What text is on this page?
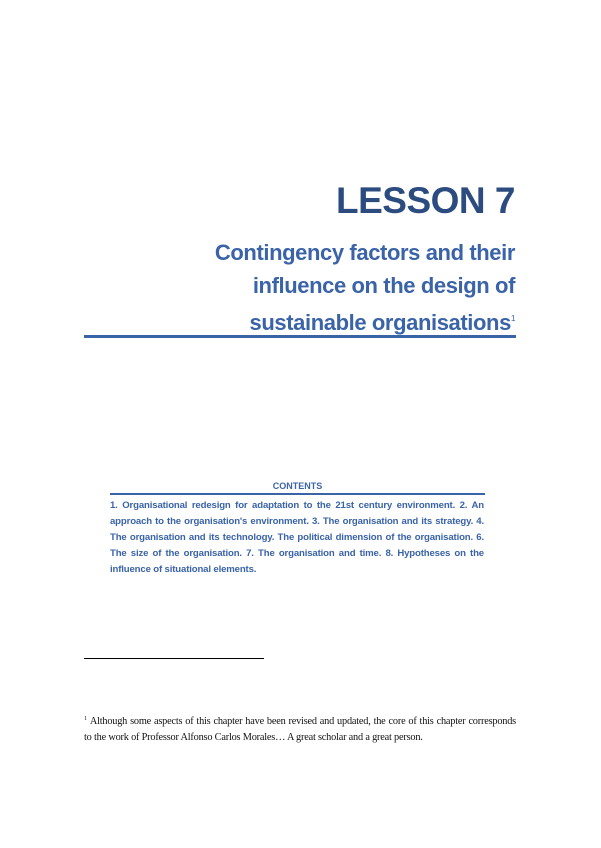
LESSON 7
Contingency factors and their
influence on the design of
sustainable organisations$^1$
CONTENTS
1. Organisational redesign for adaptation to the 21st century environment. 2. An approach to the organisation's environment. 3. The organisation and its strategy. 4. The organisation and its technology. The political dimension of the organisation. 6. The size of the organisation. 7. The organisation and time. 8. Hypotheses on the influence of situational elements.
$^1$ Although some aspects of this chapter have been revised and updated, the core of this chapter corresponds to the work of Professor Alfonso Carlos Morales… A great scholar and a great person.
